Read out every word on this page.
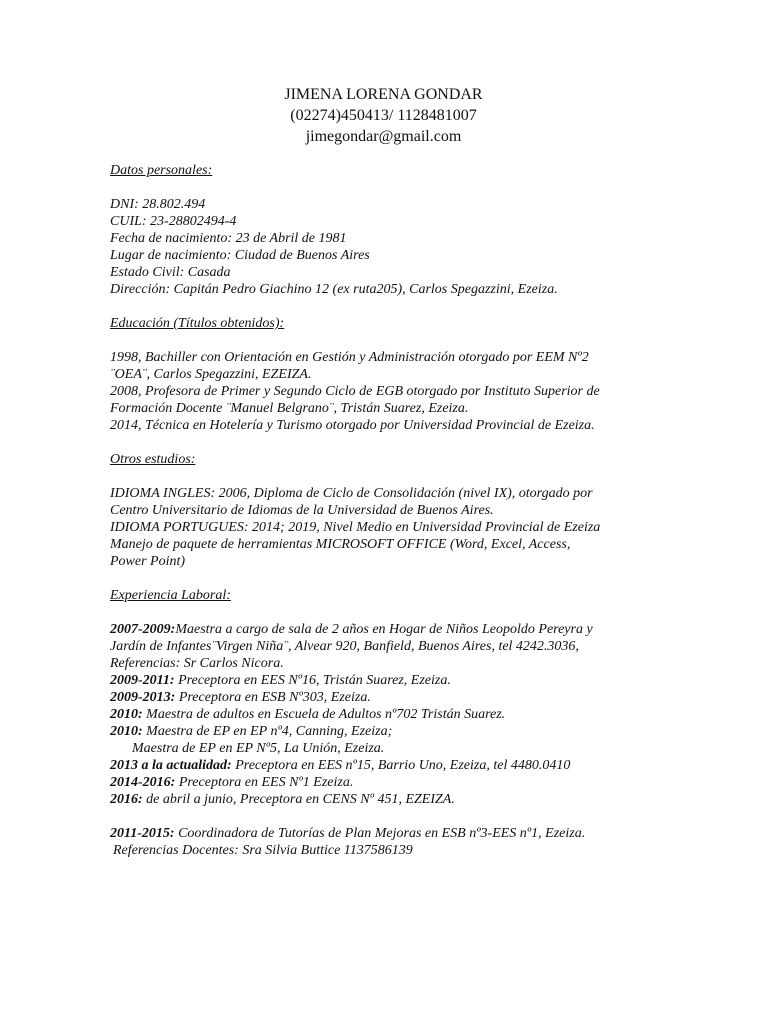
JIMENA LORENA GONDAR
(02274)450413/ 1128481007
jimegondar@gmail.com

Datos personales:

DNI: 28.802.494

CUIL: 23-28802494-4

Fecha de nacimiento: 23 de Abril de 1981

Lugar de nacimiento: Ciudad de Buenos Aires

Estado Civil: Casada

Dirección: Capitán Pedro Giachino 12 (ex ruta205), Carlos Spegazzini, Ezeiza.

Educación (Títulos obtenidos):

1998, Bachiller con Orientación en Gestión y Administración otorgado por EEM Nº2

¨OEA¨, Carlos Spegazzini, EZEIZA.

2008, Profesora de Primer y Segundo Ciclo de EGB otorgado por Instituto Superior de

Formación Docente ¨Manuel Belgrano¨, Tristán Suarez, Ezeiza.

2014, Técnica en Hotelería y Turismo otorgado por Universidad Provincial de Ezeiza.

Otros estudios:

IDIOMA INGLES: 2006, Diploma de Ciclo de Consolidación (nivel IX), otorgado por

Centro Universitario de Idiomas de la Universidad de Buenos Aires.

IDIOMA PORTUGUES: 2014; 2019, Nivel Medio en Universidad Provincial de Ezeiza

Manejo de paquete de herramientas MICROSOFT OFFICE (Word, Excel, Access,

Power Point)

Experiencia Laboral:

2007-2009:Maestra a cargo de sala de 2 años en Hogar de Niños Leopoldo Pereyra y

Jardín de Infantes¨Virgen Niña¨, Alvear 920, Banfield, Buenos Aires, tel 4242.3036,

Referencias: Sr Carlos Nicora.

2009-2011: Preceptora en EES Nº16, Tristán Suarez, Ezeiza.

2009-2013: Preceptora en ESB Nº303, Ezeiza.

2010: Maestra de adultos en Escuela de Adultos nº702 Tristán Suarez.

2010: Maestra de EP en EP nº4, Canning, Ezeiza;

Maestra de EP en EP Nº5, La Unión, Ezeiza.

2013 a la actualidad: Preceptora en EES nº15, Barrio Uno, Ezeiza, tel 4480.0410

2014-2016: Preceptora en EES Nº1 Ezeiza.

2016: de abril a junio, Preceptora en CENS Nº 451, EZEIZA.

2011-2015: Coordinadora de Tutorías de Plan Mejoras en ESB nº3-EES nº1, Ezeiza.

Referencias Docentes: Sra Silvia Buttice 1137586139
